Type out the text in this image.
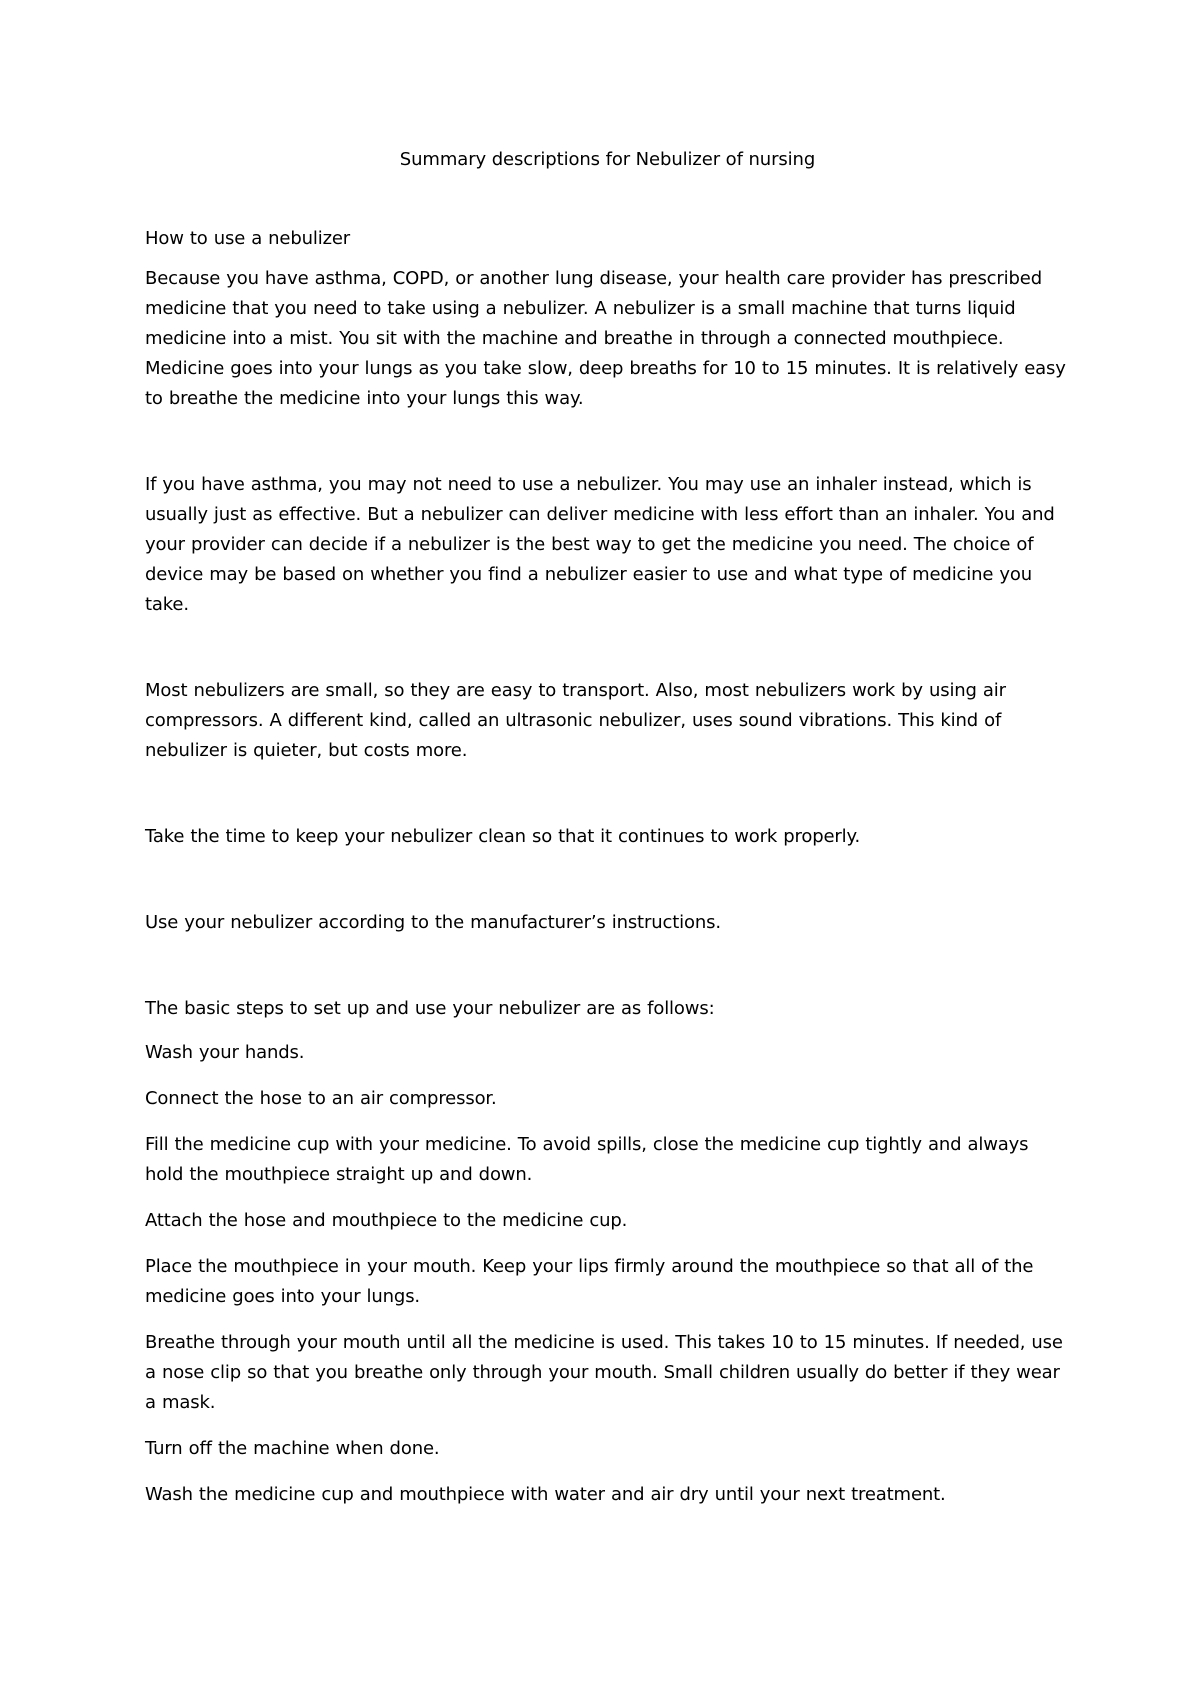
Summary descriptions for Nebulizer of nursing

How to use a nebulizer

Because you have asthma, COPD, or another lung disease, your health care provider has prescribed medicine that you need to take using a nebulizer. A nebulizer is a small machine that turns liquid medicine into a mist. You sit with the machine and breathe in through a connected mouthpiece. Medicine goes into your lungs as you take slow, deep breaths for 10 to 15 minutes. It is relatively easy to breathe the medicine into your lungs this way.

If you have asthma, you may not need to use a nebulizer. You may use an inhaler instead, which is usually just as effective. But a nebulizer can deliver medicine with less effort than an inhaler. You and your provider can decide if a nebulizer is the best way to get the medicine you need. The choice of device may be based on whether you find a nebulizer easier to use and what type of medicine you take.

Most nebulizers are small, so they are easy to transport. Also, most nebulizers work by using air compressors. A different kind, called an ultrasonic nebulizer, uses sound vibrations. This kind of nebulizer is quieter, but costs more.

Take the time to keep your nebulizer clean so that it continues to work properly.

Use your nebulizer according to the manufacturer’s instructions.

The basic steps to set up and use your nebulizer are as follows:

Wash your hands.

Connect the hose to an air compressor.

Fill the medicine cup with your medicine. To avoid spills, close the medicine cup tightly and always hold the mouthpiece straight up and down.

Attach the hose and mouthpiece to the medicine cup.

Place the mouthpiece in your mouth. Keep your lips firmly around the mouthpiece so that all of the medicine goes into your lungs.

Breathe through your mouth until all the medicine is used. This takes 10 to 15 minutes. If needed, use a nose clip so that you breathe only through your mouth. Small children usually do better if they wear a mask.

Turn off the machine when done.

Wash the medicine cup and mouthpiece with water and air dry until your next treatment.
